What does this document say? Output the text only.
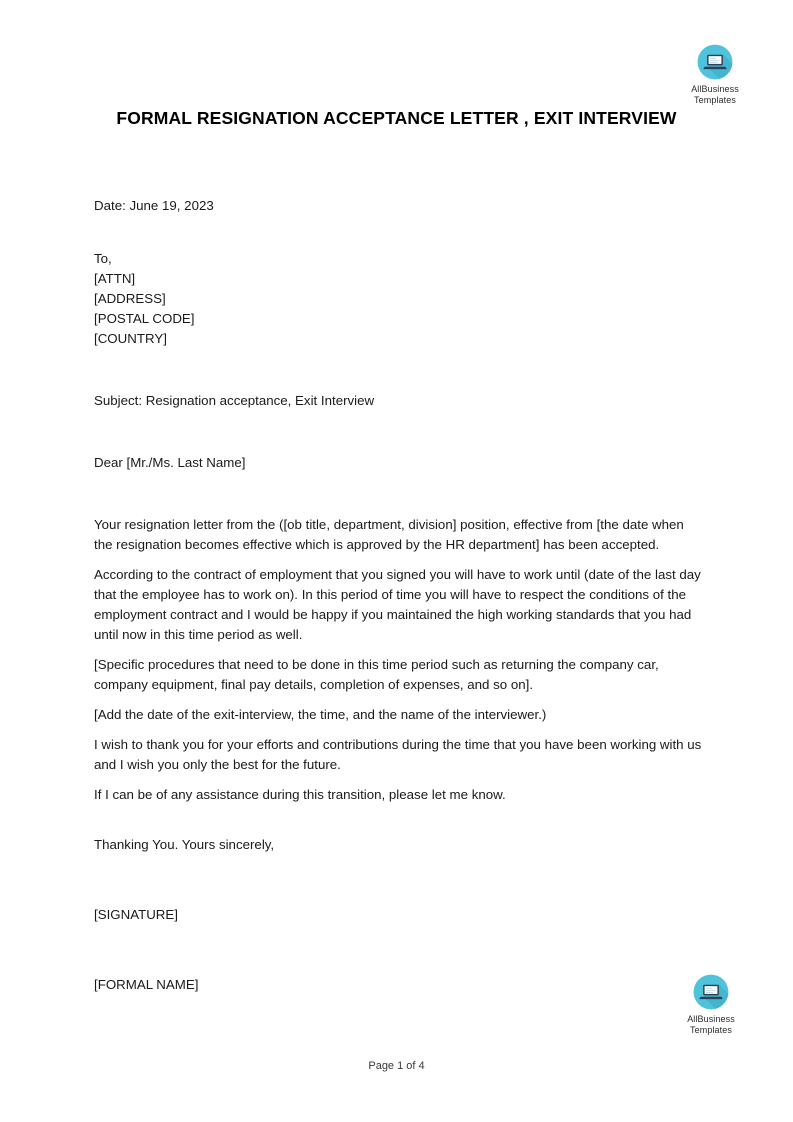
AllBusiness
Templates
FORMAL RESIGNATION ACCEPTANCE LETTER , EXIT INTERVIEW
Date: June 19, 2023
To,
[ATTN]
[ADDRESS]
[POSTAL CODE]
[COUNTRY]
Subject: Resignation acceptance, Exit Interview
Dear [Mr./Ms. Last Name]

Your resignation letter from the ([ob title, department, division] position, effective from [the date when the resignation becomes effective which is approved by the HR department] has been accepted.

According to the contract of employment that you signed you will have to work until (date of the last day that the employee has to work on). In this period of time you will have to respect the conditions of the employment contract and I would be happy if you maintained the high working standards that you had until now in this time period as well.

[Specific procedures that need to be done in this time period such as returning the company car, company equipment, final pay details, completion of expenses, and so on].

[Add the date of the exit-interview, the time, and the name of the interviewer.)

I wish to thank you for your efforts and contributions during the time that you have been working with us and I wish you only the best for the future.

If I can be of any assistance during this transition, please let me know.

Thanking You. Yours sincerely,
[SIGNATURE]
[FORMAL NAME]
AllBusiness
Templates
Page 1 of 4
